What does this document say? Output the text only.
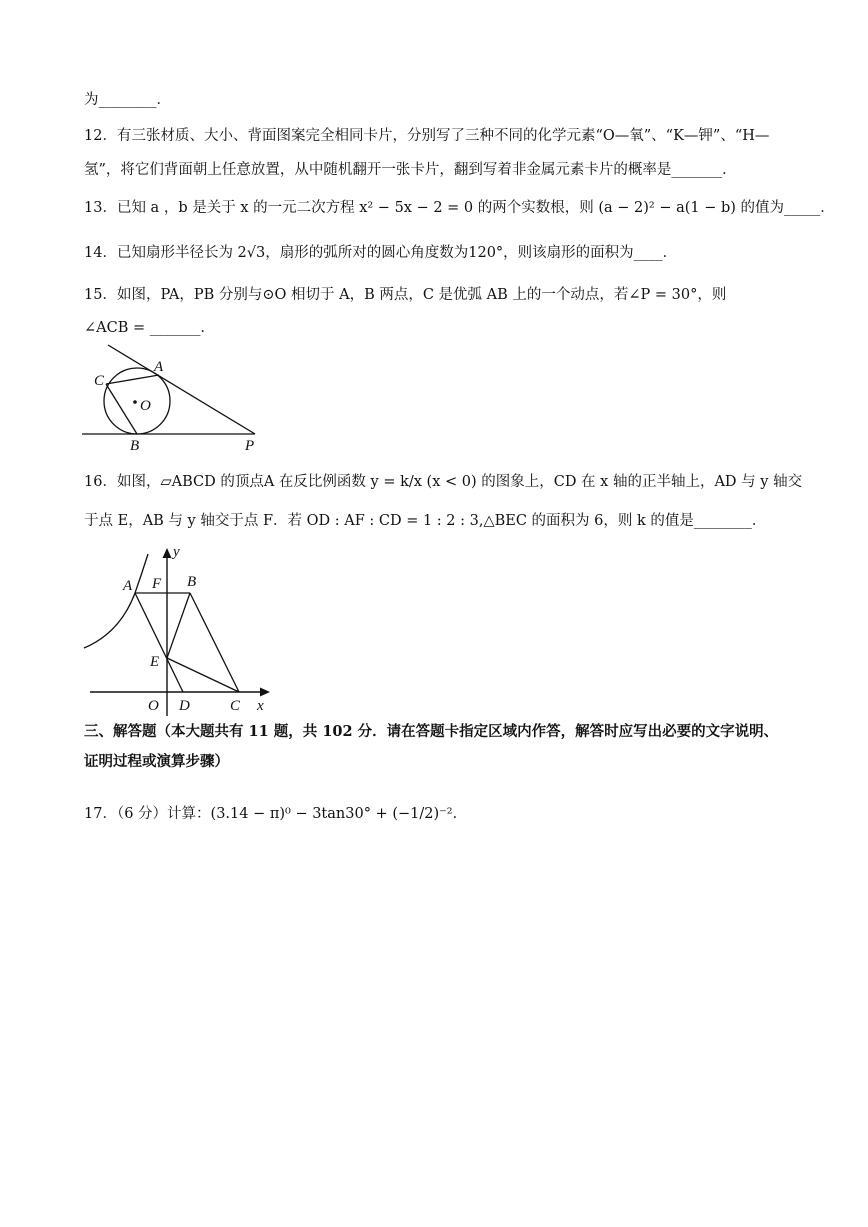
为________．
12．有三张材质、大小、背面图案完全相同卡片，分别写了三种不同的化学元素“O—氧”、“K—钾”、“H—
氢”，将它们背面朝上任意放置，从中随机翻开一张卡片，翻到写着非金属元素卡片的概率是_______．
13．已知 a ，b 是关于 x 的一元二次方程 x² − 5x − 2 = 0 的两个实数根，则 (a − 2)² − a(1 − b) 的值为_____．
14．已知扇形半径长为 2√3，扇形的弧所对的圆心角度数为120°，则该扇形的面积为____．
15．如图，PA，PB 分别与⊙O 相切于 A，B 两点，C 是优弧 AB 上的一个动点，若∠P = 30°，则
∠ACB = _______．
A
C
O
B	P
16．如图，▱ABCD 的顶点A 在反比例函数 y = k/x (x < 0) 的图象上，CD 在 x 轴的正半轴上，AD 与 y 轴交
于点 E，AB 与 y 轴交于点 F．若 OD : AF : CD = 1 : 2 : 3,△BEC 的面积为 6，则 k 的值是________．
y
A F B
E
O D	C x
三、解答题（本大题共有 11 题，共 102 分．请在答题卡指定区域内作答，解答时应写出必要的文字说明、
证明过程或演算步骤）
17．（6 分）计算：(3.14 − π)⁰ − 3tan30° + (−1/2)⁻²．
